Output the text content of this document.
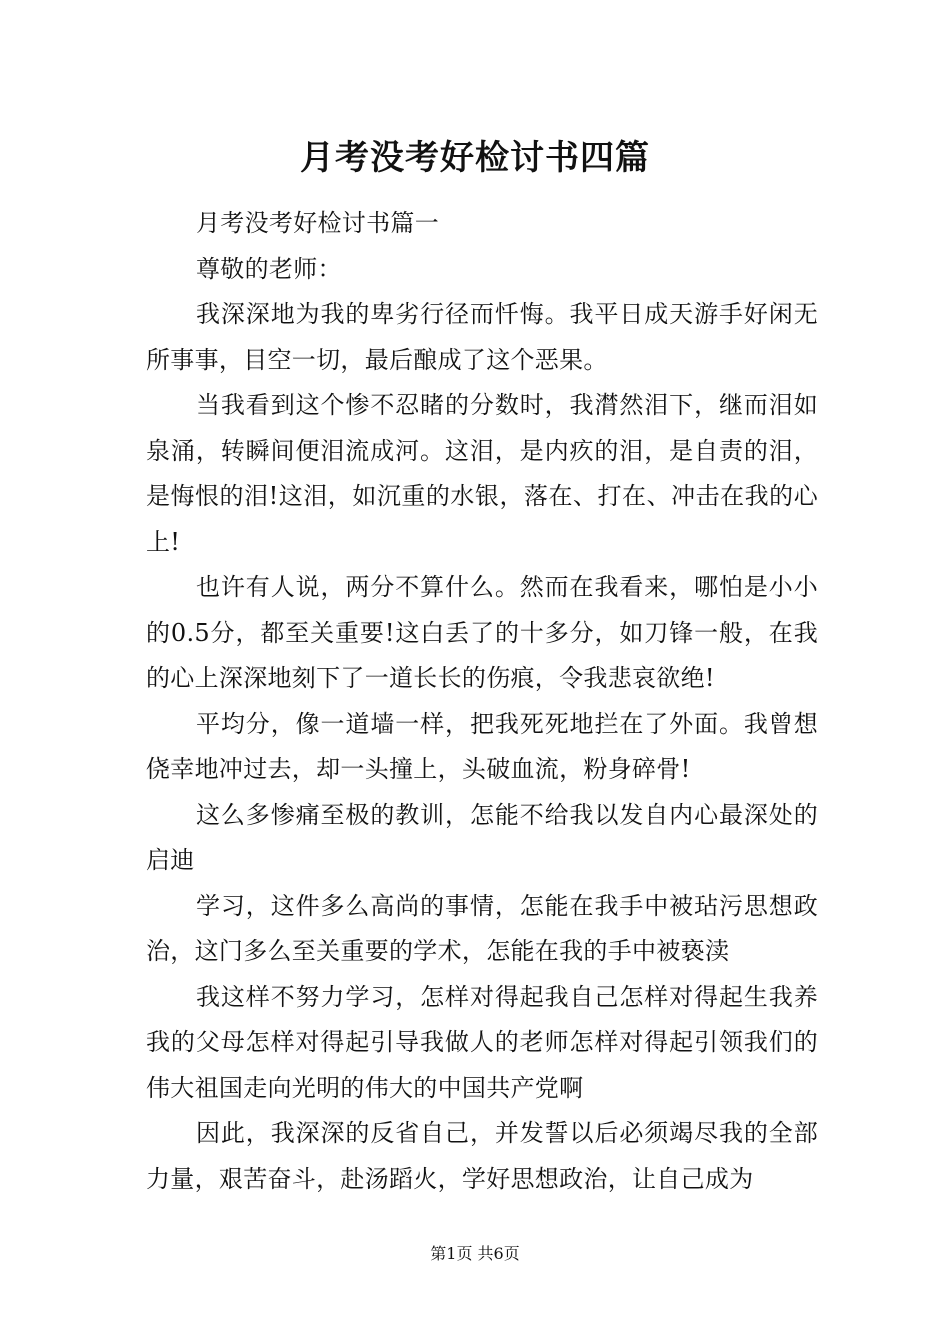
月考没考好检讨书四篇

月考没考好检讨书篇一

尊敬的老师：

我深深地为我的卑劣行径而忏悔。我平日成天游手好闲无所事事，目空一切，最后酿成了这个恶果。

当我看到这个惨不忍睹的分数时，我潸然泪下，继而泪如泉涌，转瞬间便泪流成河。这泪，是内疚的泪，是自责的泪，是悔恨的泪!这泪，如沉重的水银，落在、打在、冲击在我的心上!

也许有人说，两分不算什么。然而在我看来，哪怕是小小的0.5分，都至关重要!这白丢了的十多分，如刀锋一般，在我的心上深深地刻下了一道长长的伤痕，令我悲哀欲绝!

平均分，像一道墙一样，把我死死地拦在了外面。我曾想侥幸地冲过去，却一头撞上，头破血流，粉身碎骨!

这么多惨痛至极的教训，怎能不给我以发自内心最深处的启迪

学习，这件多么高尚的事情，怎能在我手中被玷污思想政治，这门多么至关重要的学术，怎能在我的手中被亵渎

我这样不努力学习，怎样对得起我自己怎样对得起生我养我的父母怎样对得起引导我做人的老师怎样对得起引领我们的伟大祖国走向光明的伟大的中国共产党啊

因此，我深深的反省自己，并发誓以后必须竭尽我的全部力量，艰苦奋斗，赴汤蹈火，学好思想政治，让自己成为

第1页 共6页
